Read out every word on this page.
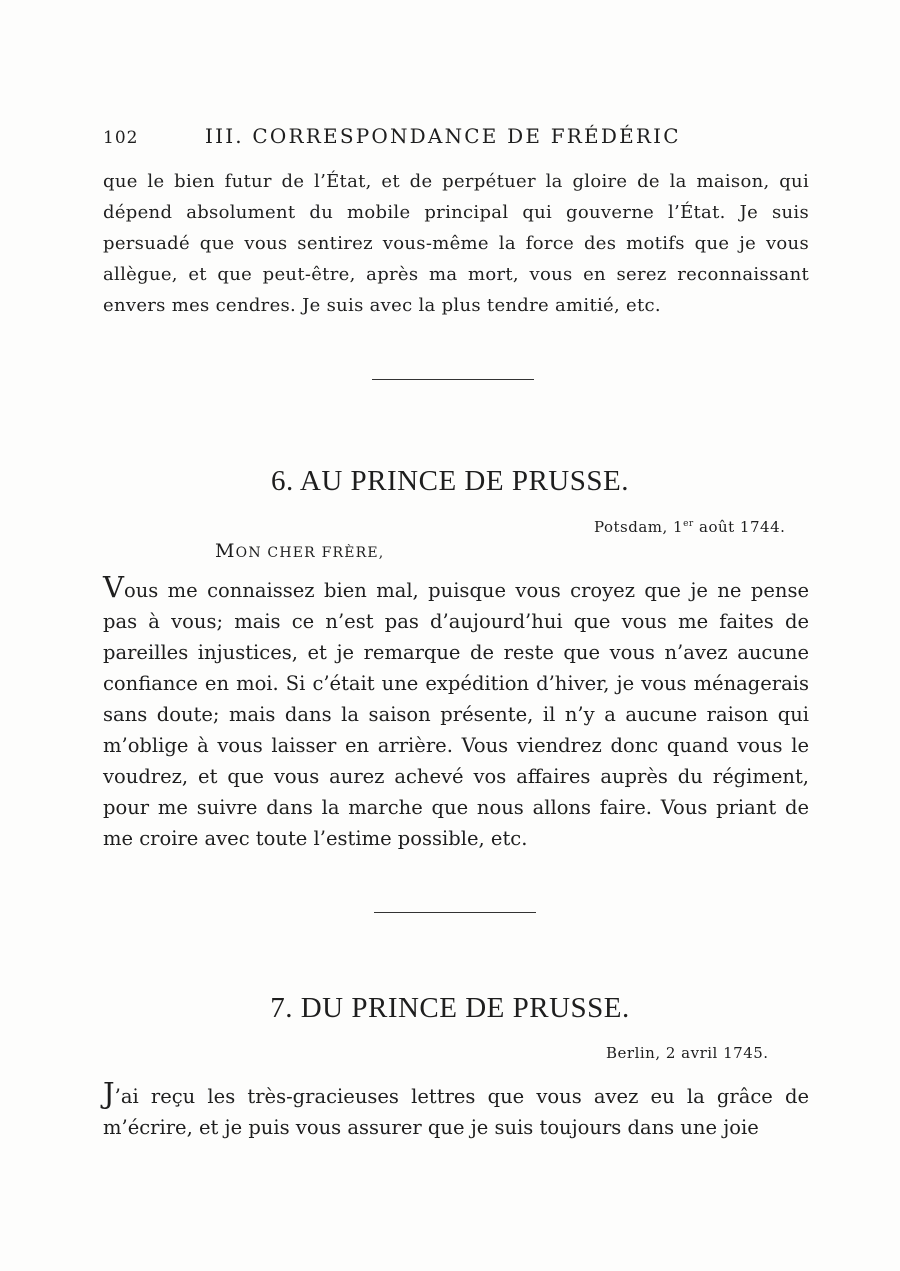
102	III. CORRESPONDANCE DE FRÉDÉRIC

que le bien futur de l’État, et de perpétuer la gloire de la maison, qui dépend absolument du mobile principal qui gouverne l’État. Je suis persuadé que vous sentirez vous-même la force des motifs que je vous allègue, et que peut-être, après ma mort, vous en serez reconnaissant envers mes cendres. Je suis avec la plus tendre amitié, etc.

6. AU PRINCE DE PRUSSE.
Potsdam, 1er août 1744.
MON CHER FRÈRE,

Vous me connaissez bien mal, puisque vous croyez que je ne pense pas à vous; mais ce n’est pas d’aujourd’hui que vous me faites de pareilles injustices, et je remarque de reste que vous n’avez aucune confiance en moi. Si c’était une expédition d’hiver, je vous ménagerais sans doute; mais dans la saison présente, il n’y a aucune raison qui m’oblige à vous laisser en arrière. Vous viendrez donc quand vous le voudrez, et que vous aurez achevé vos affaires auprès du régiment, pour me suivre dans la marche que nous allons faire. Vous priant de me croire avec toute l’estime possible, etc.

7. DU PRINCE DE PRUSSE.
Berlin, 2 avril 1745.

J’ai reçu les très-gracieuses lettres que vous avez eu la grâce de m’écrire, et je puis vous assurer que je suis toujours dans une joie
